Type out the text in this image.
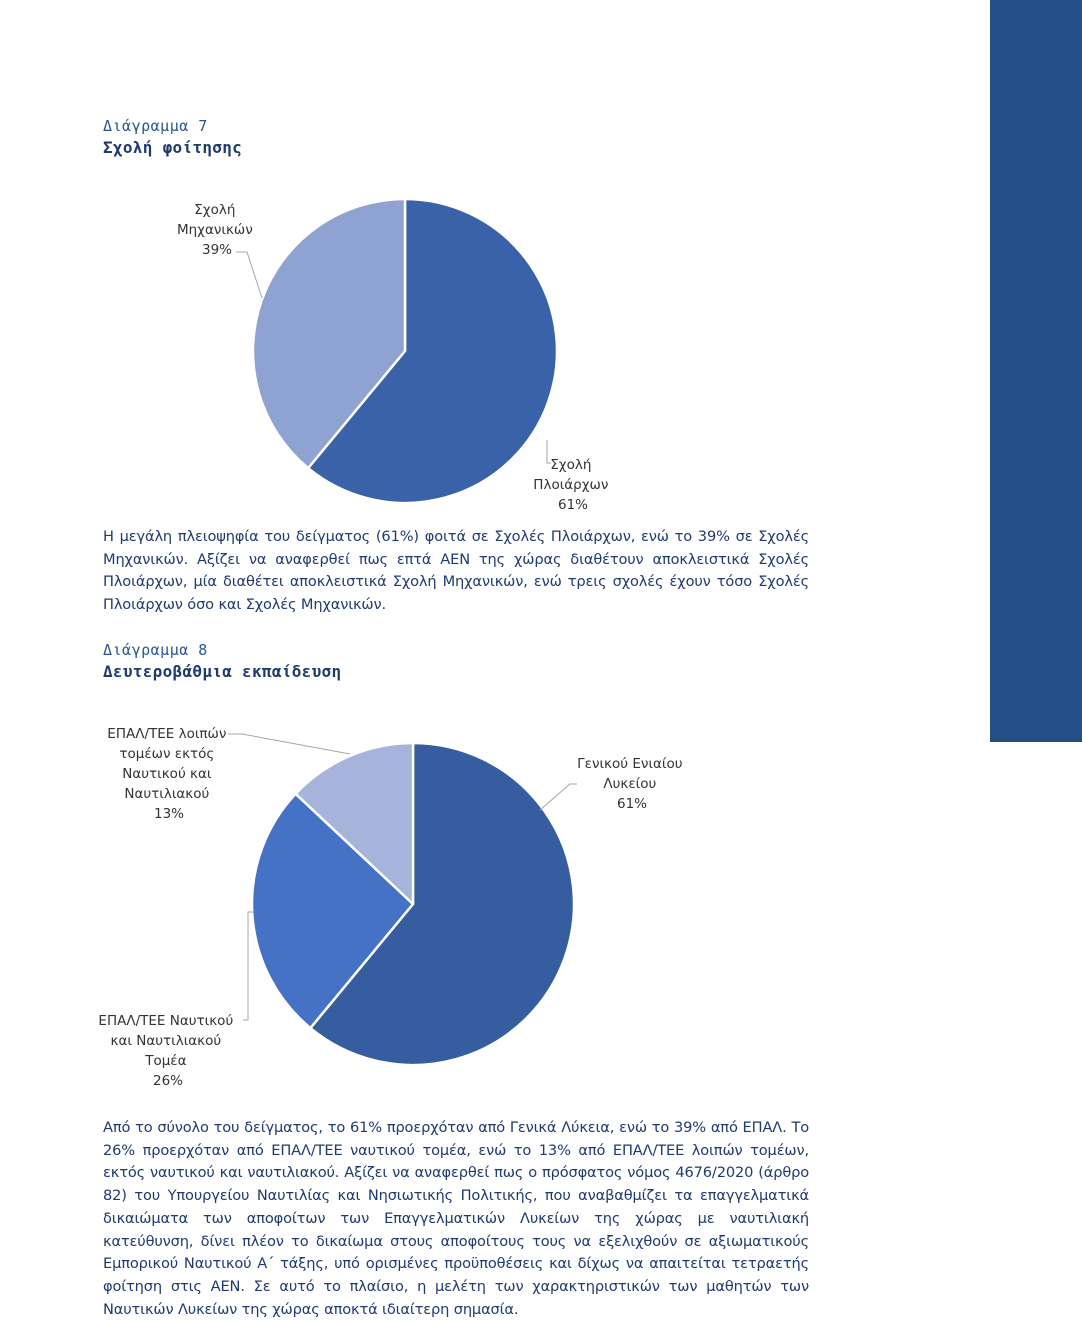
Διάγραμμα 7
Σχολή φοίτησης
Σχολή Μηχανικών 39%
Σχολή Πλοιάρχων 61%
ΕΠΑΛ/ΤΕΕ λοιπών τομέων εκτός Ναυτικού και Ναυτιλιακού 13%
Γενικού Ενιαίου Λυκείου 61%
ΕΠΑΛ/ΤΕΕ Ναυτικού και Ναυτιλιακού Τομέα 26%
Η μεγάλη πλειοψηφία του δείγματος (61%) φοιτά σε Σχολές Πλοιάρχων, ενώ το 39% σε Σχολές Μηχανικών. Αξίζει να αναφερθεί πως επτά ΑΕΝ της χώρας διαθέτουν αποκλειστικά Σχολές Πλοιάρχων, μία διαθέτει αποκλειστικά Σχολή Μηχανικών, ενώ τρεις σχολές έχουν τόσο Σχολές Πλοιάρχων όσο και Σχολές Μηχανικών.
Διάγραμμα 8
Δευτεροβάθμια εκπαίδευση
Από το σύνολο του δείγματος, το 61% προερχόταν από Γενικά Λύκεια, ενώ το 39% από ΕΠΑΛ. Το 26% προερχόταν από ΕΠΑΛ/ΤΕΕ ναυτικού τομέα, ενώ το 13% από ΕΠΑΛ/ΤΕΕ λοιπών τομέων, εκτός ναυτικού και ναυτιλιακού. Αξίζει να αναφερθεί πως ο πρόσφατος νόμος 4676/2020 (άρθρο 82) του Υπουργείου Ναυτιλίας και Νησιωτικής Πολιτικής, που αναβαθμίζει τα επαγγελματικά δικαιώματα των αποφοίτων των Επαγγελματικών Λυκείων της χώρας με ναυτιλιακή κατεύθυνση, δίνει πλέον το δικαίωμα στους αποφοίτους τους να εξελιχθούν σε αξιωματικούς Εμπορικού Ναυτικού Α΄ τάξης, υπό ορισμένες προϋποθέσεις και δίχως να απαιτείται τετραετής φοίτηση στις ΑΕΝ. Σε αυτό το πλαίσιο, η μελέτη των χαρακτηριστικών των μαθητών των Ναυτικών Λυκείων της χώρας αποκτά ιδιαίτερη σημασία.
